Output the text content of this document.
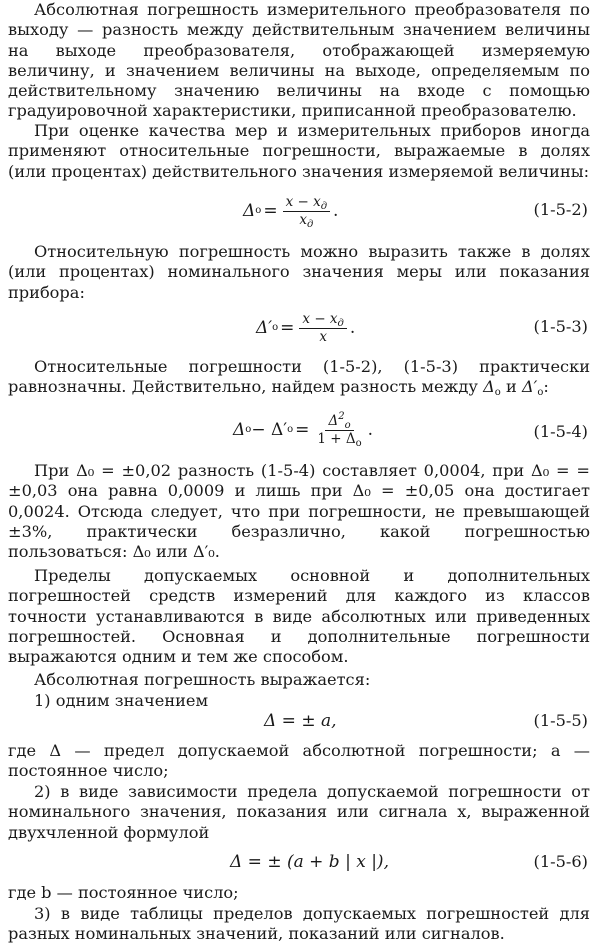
Абсолютная погрешность измерительного преобразователя по выходу — разность между действительным значением величины на выходе преобразователя, отображающей измеряемую величину, и значением величины на выходе, определяемым по действительному значению величины на входе с помощью градуировочной характеристики, приписанной преобразователю.
При оценке качества мер и измерительных приборов иногда применяют относительные погрешности, выражаемые в долях (или процентах) действительного значения измеряемой величины:
Δ $о = \frac{x - x_д}{x_д}$ .	(1-5-2)
Относительную погрешность можно выразить также в долях (или процентах) номинального значения меры или показания прибора:
Δ′ $о = \frac{x - x_д}{x}$ .	(1-5-3)
Относительные погрешности (1-5-2), (1-5-3) практически равнозначны. Действительно, найдем разность между $\Delta_о$ и $\Delta'_о$:
Δ о − Δ′ $о = \frac{\Delta^2_о}{1 + \Delta_о}$ .	(1-5-4)
При Δ₀ = ±0,02 разность (1-5-4) составляет 0,0004, при Δ₀ = = ±0,03 она равна 0,0009 и лишь при Δ₀ = ±0,05 она достигает 0,0024. Отсюда следует, что при погрешности, не превышающей ±3%, практически безразлично, какой погрешностью пользоваться: Δ₀ или Δ′₀.
Пределы допускаемых основной и дополнительных погрешностей средств измерений для каждого из классов точности устанавливаются в виде абсолютных или приведенных погрешностей. Основная и дополнительные погрешности выражаются одним и тем же способом.
Абсолютная погрешность выражается:
1) одним значением
Δ = ± a,	(1-5-5)
где Δ — предел допускаемой абсолютной погрешности; a — постоянное число;
2) в виде зависимости предела допускаемой погрешности от номинального значения, показания или сигнала x, выраженной двухчленной формулой
Δ = ± (a + b | x |),	(1-5-6)
где b — постоянное число;
3) в виде таблицы пределов допускаемых погрешностей для разных номинальных значений, показаний или сигналов.
